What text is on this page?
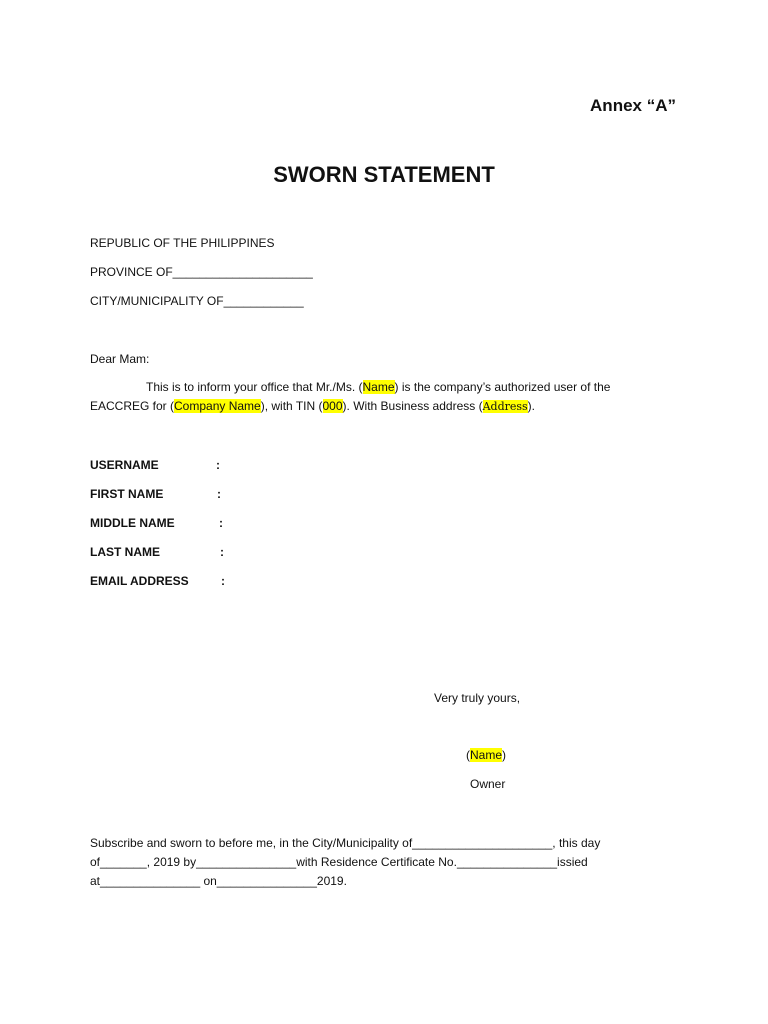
Annex “A”
SWORN STATEMENT
REPUBLIC OF THE PHILIPPINES
PROVINCE OF_____________________
CITY/MUNICIPALITY OF____________
Dear Mam:
This is to inform your office that Mr./Ms. (Name) is the company’s authorized user of the
EACCREG for (Company Name), with TIN (000). With Business address (Address).
USERNAME	:
FIRST NAME	:
MIDDLE NAME	:
LAST NAME	:
EMAIL ADDRESS	:
Very truly yours,
(Name)
Owner
Subscribe and sworn to before me, in the City/Municipality of_____________________, this day
of_______, 2019 by_______________with Residence Certificate No._______________issied
at_______________ on_______________2019.
